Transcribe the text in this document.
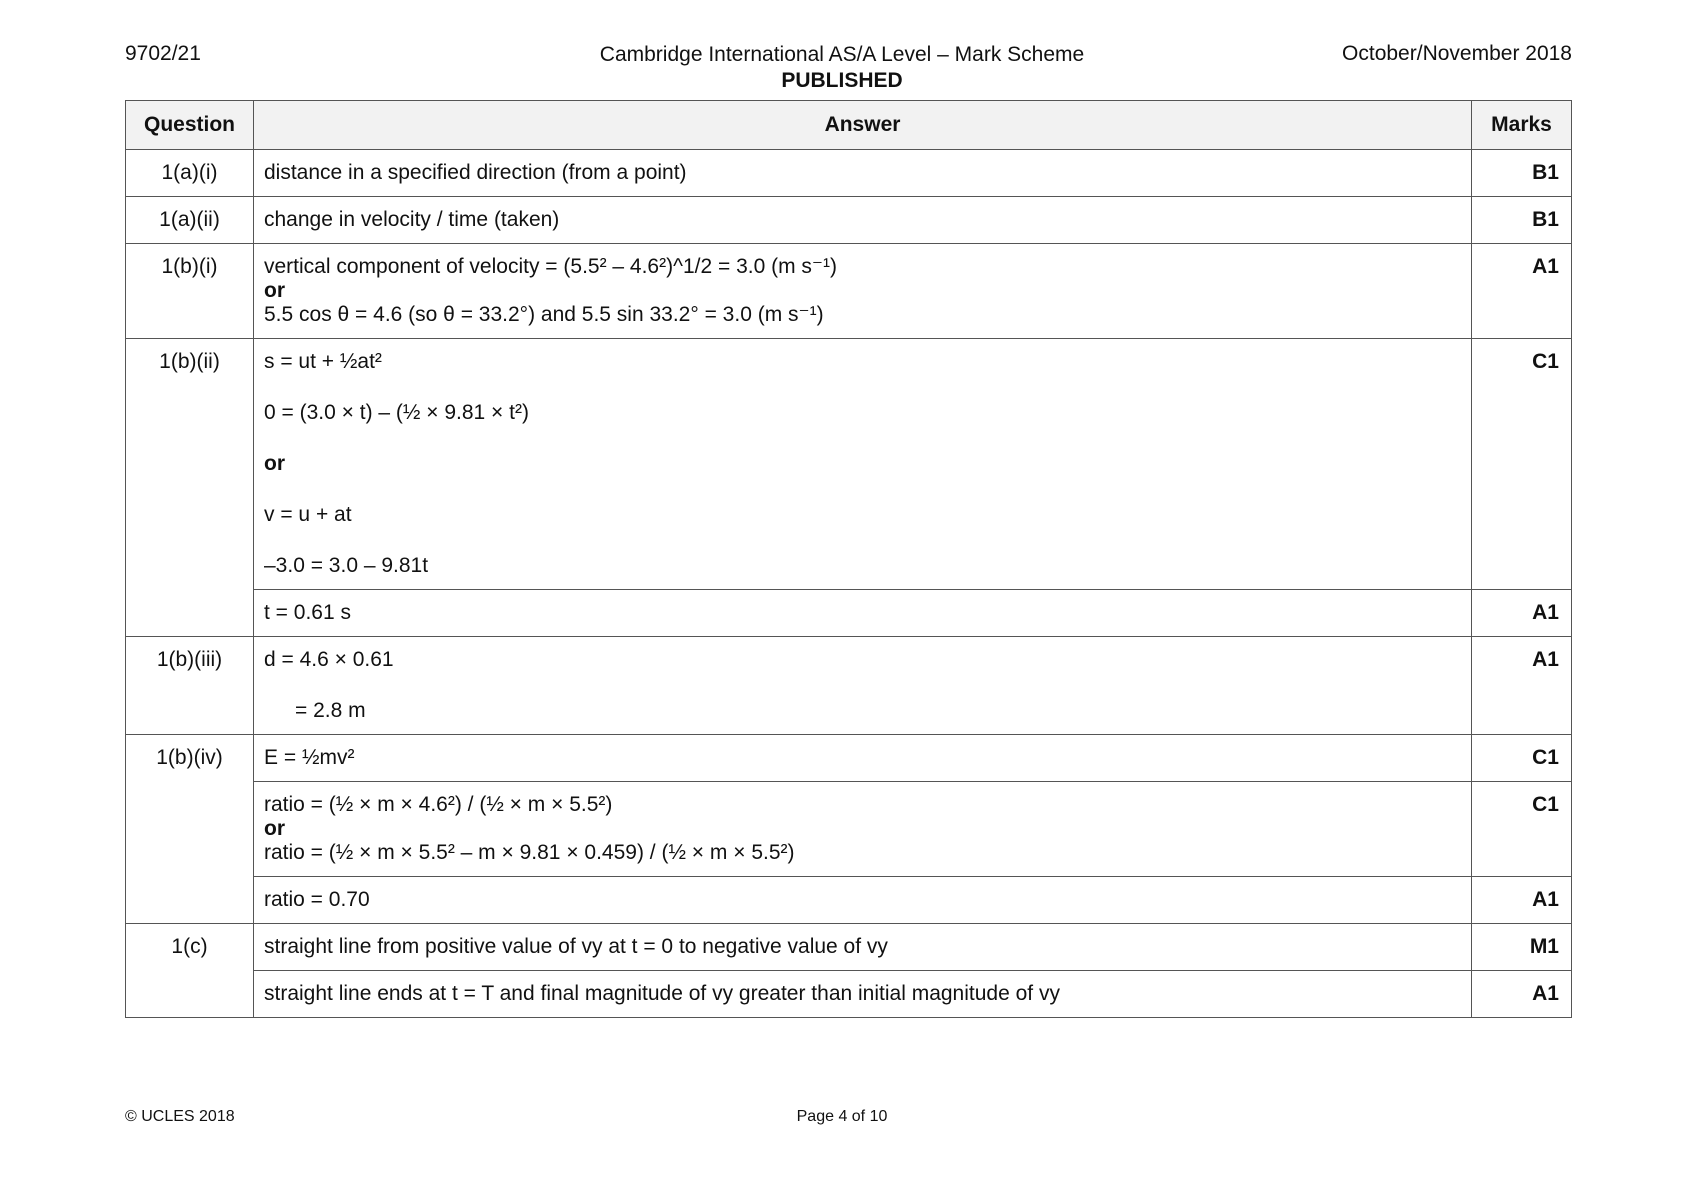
9702/21	Cambridge International AS/A Level – Mark Scheme
PUBLISHED
October/November 2018
Question	Answer	Marks
1(a)(i)	distance in a specified direction (from a point)	B1
1(a)(ii)	change in velocity / time (taken)	B1
1(b)(i)	vertical component of velocity = (5.5² – 4.6²)^1/2 = 3.0 (m s⁻¹)
or
5.5 cos θ = 4.6 (so θ = 33.2°) and 5.5 sin 33.2° = 3.0 (m s⁻¹)	A1
1(b)(ii)	s = ut + ½at²
0 = (3.0 × t) – (½ × 9.81 × t²)
or
v = u + at
–3.0 = 3.0 – 9.81t	C1
	t = 0.61 s	A1
1(b)(iii)	d = 4.6 × 0.61
= 2.8 m	A1
1(b)(iv)	E = ½mv²	C1

	ratio = (½ × m × 4.6²) / (½ × m × 5.5²)
or
ratio = (½ × m × 5.5² – m × 9.81 × 0.459) / (½ × m × 5.5²)	C1
	ratio = 0.70	A1
1(c)	straight line from positive value of vy at t = 0 to negative value of vy	M1
	straight line ends at t = T and final magnitude of vy greater than initial magnitude of vy	A1
© UCLES 2018	Page 4 of 10
